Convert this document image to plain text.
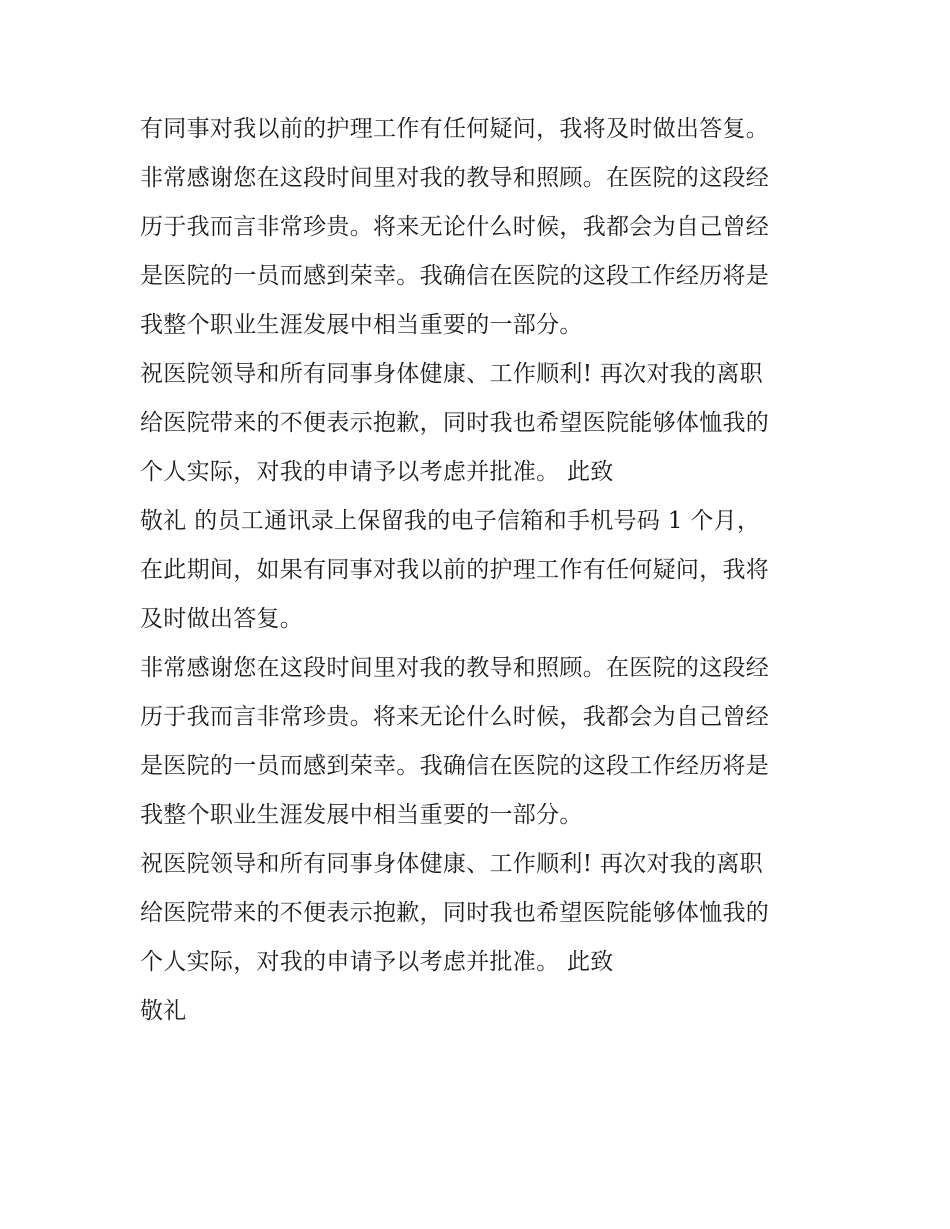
有同事对我以前的护理工作有任何疑问，我将及时做出答复。
非常感谢您在这段时间里对我的教导和照顾。在医院的这段经
历于我而言非常珍贵。将来无论什么时候，我都会为自己曾经
是医院的一员而感到荣幸。我确信在医院的这段工作经历将是
我整个职业生涯发展中相当重要的一部分。
祝医院领导和所有同事身体健康、工作顺利! 再次对我的离职
给医院带来的不便表示抱歉，同时我也希望医院能够体恤我的
个人实际，对我的申请予以考虑并批准。 此致
敬礼 的员工通讯录上保留我的电子信箱和手机号码 1 个月，
在此期间，如果有同事对我以前的护理工作有任何疑问，我将
及时做出答复。
非常感谢您在这段时间里对我的教导和照顾。在医院的这段经
历于我而言非常珍贵。将来无论什么时候，我都会为自己曾经
是医院的一员而感到荣幸。我确信在医院的这段工作经历将是
我整个职业生涯发展中相当重要的一部分。
祝医院领导和所有同事身体健康、工作顺利! 再次对我的离职
给医院带来的不便表示抱歉，同时我也希望医院能够体恤我的
个人实际，对我的申请予以考虑并批准。 此致
敬礼
